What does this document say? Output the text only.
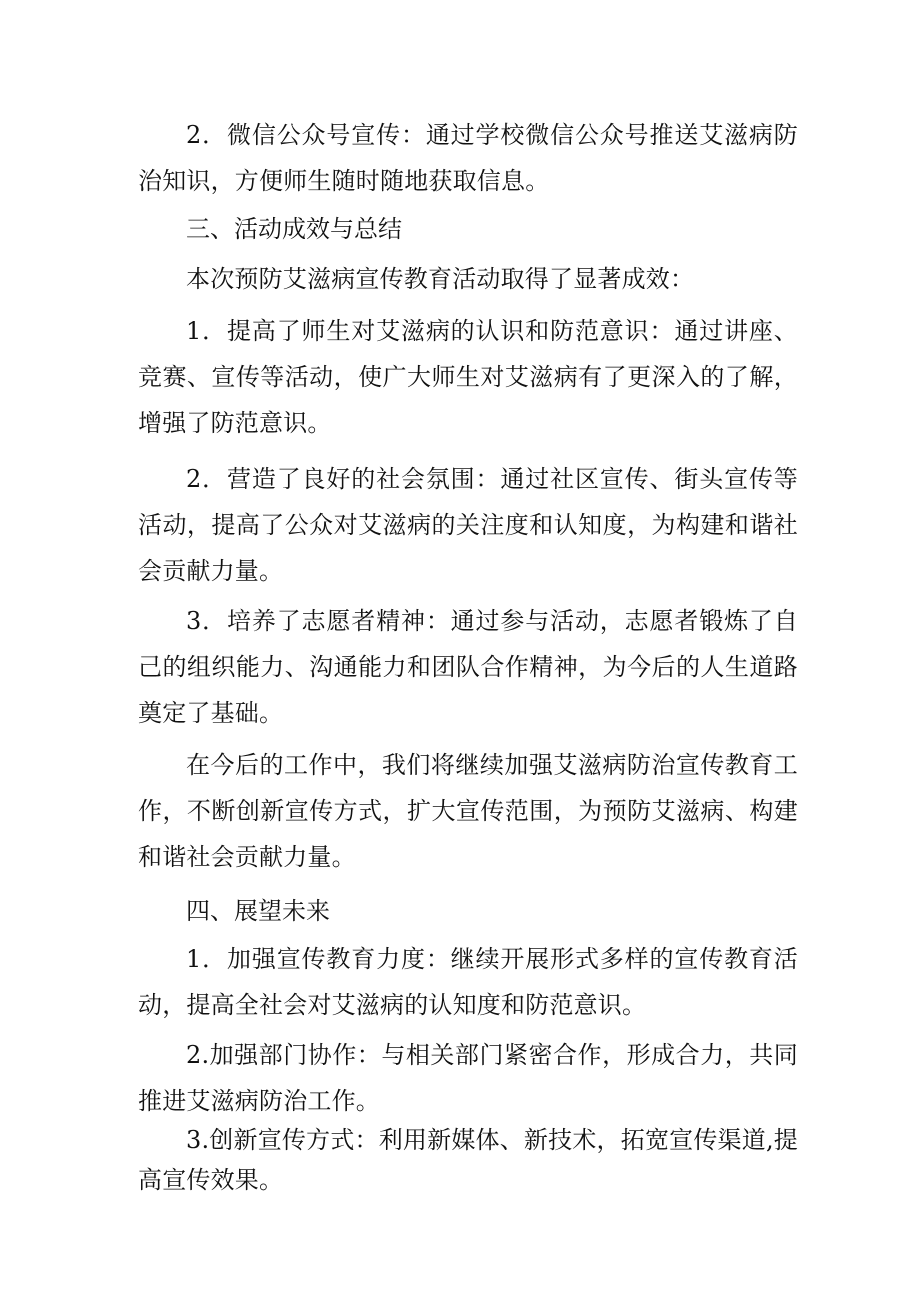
2．微信公众号宣传：通过学校微信公众号推送艾滋病防治知识，方便师生随时随地获取信息。

三、活动成效与总结

本次预防艾滋病宣传教育活动取得了显著成效：

1．提高了师生对艾滋病的认识和防范意识：通过讲座、竞赛、宣传等活动，使广大师生对艾滋病有了更深入的了解，增强了防范意识。

2．营造了良好的社会氛围：通过社区宣传、街头宣传等活动，提高了公众对艾滋病的关注度和认知度，为构建和谐社会贡献力量。

3．培养了志愿者精神：通过参与活动，志愿者锻炼了自己的组织能力、沟通能力和团队合作精神，为今后的人生道路奠定了基础。

在今后的工作中，我们将继续加强艾滋病防治宣传教育工作，不断创新宣传方式，扩大宣传范围，为预防艾滋病、构建和谐社会贡献力量。

四、展望未来

1．加强宣传教育力度：继续开展形式多样的宣传教育活动，提高全社会对艾滋病的认知度和防范意识。

2.加强部门协作：与相关部门紧密合作，形成合力，共同推进艾滋病防治工作。

3.创新宣传方式：利用新媒体、新技术，拓宽宣传渠道,提高宣传效果。
